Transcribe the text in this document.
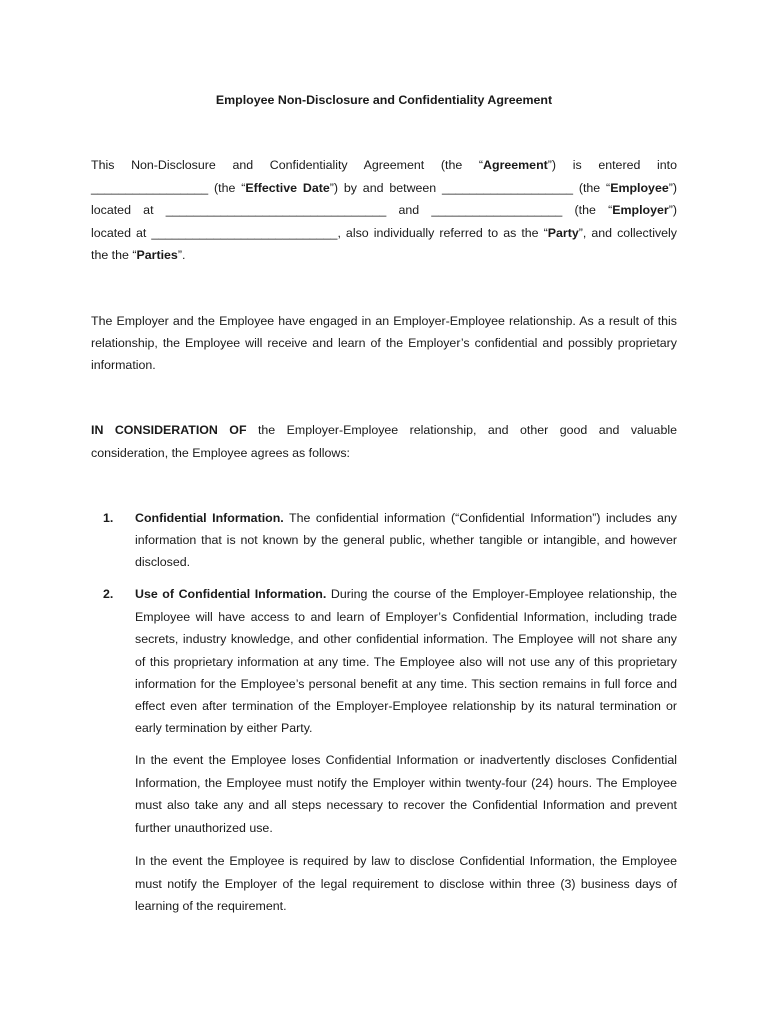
Employee Non-Disclosure and Confidentiality Agreement
This Non-Disclosure and Confidentiality Agreement (the “Agreement”) is entered into
_________________ (the “Effective Date”) by and between ___________________ (the “Employee”)
located at ________________________________ and ___________________ (the “Employer”)
located at ___________________________, also individually referred to as the “Party”, and collectively
the the “Parties”.
The Employer and the Employee have engaged in an Employer-Employee relationship. As a result of this
relationship, the Employee will receive and learn of the Employer’s confidential and possibly proprietary
information.
IN CONSIDERATION OF the Employer-Employee relationship, and other good and valuable
consideration, the Employee agrees as follows:
1. Confidential Information. The confidential information (“Confidential Information”) includes any
information that is not known by the general public, whether tangible or intangible, and however
disclosed.
2. Use of Confidential Information. During the course of the Employer-Employee relationship, the
Employee will have access to and learn of Employer’s Confidential Information, including trade
secrets, industry knowledge, and other confidential information. The Employee will not share any
of this proprietary information at any time. The Employee also will not use any of this proprietary
information for the Employee’s personal benefit at any time. This section remains in full force and
effect even after termination of the Employer-Employee relationship by its natural termination or
early termination by either Party.
In the event the Employee loses Confidential Information or inadvertently discloses Confidential
Information, the Employee must notify the Employer within twenty-four (24) hours. The Employee
must also take any and all steps necessary to recover the Confidential Information and prevent
further unauthorized use.
In the event the Employee is required by law to disclose Confidential Information, the Employee
must notify the Employer of the legal requirement to disclose within three (3) business days of
learning of the requirement.
